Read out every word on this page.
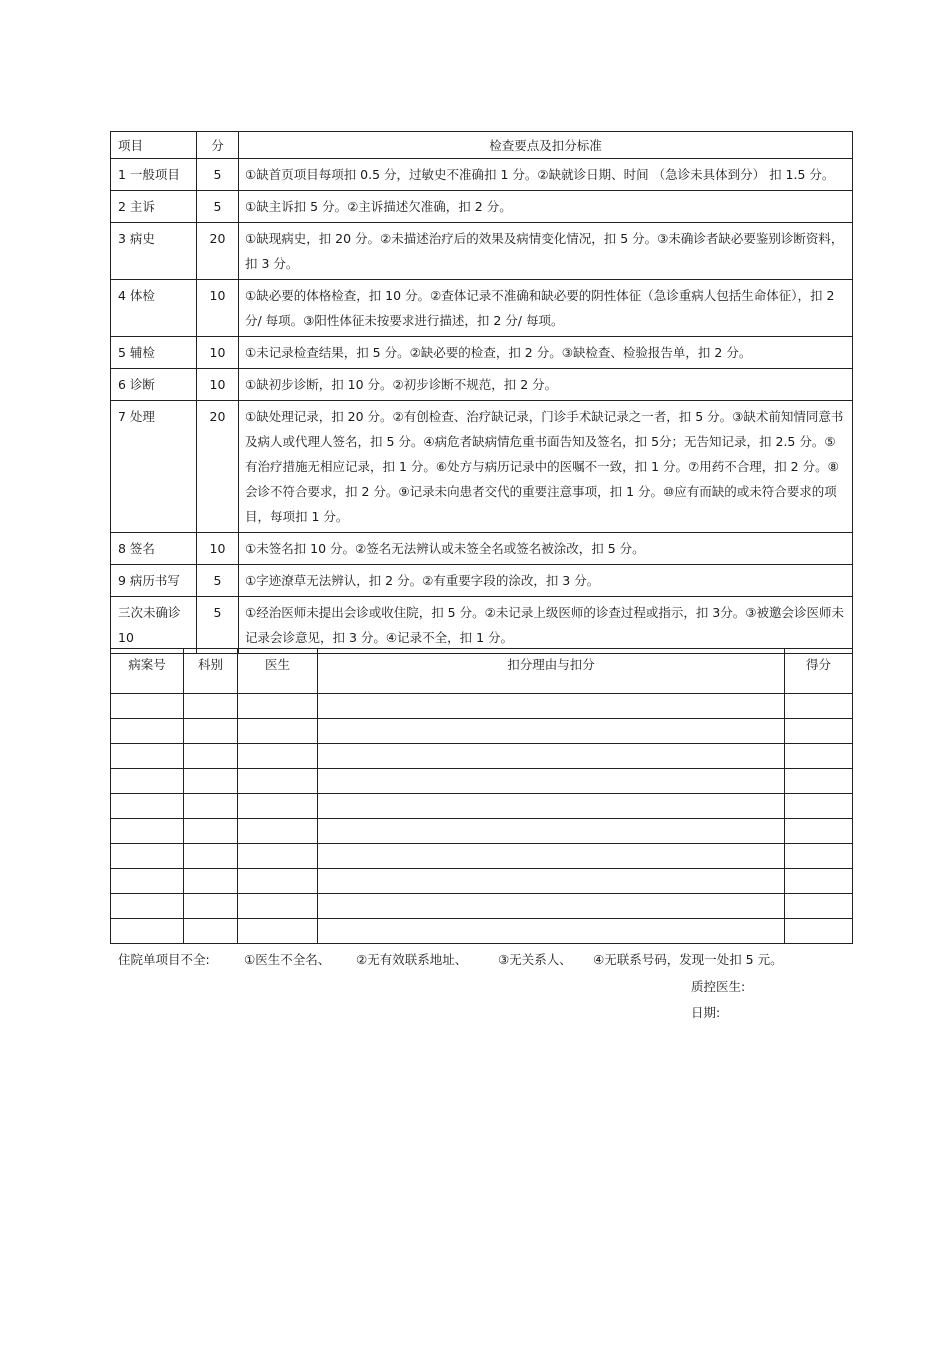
项目	分	检查要点及扣分标准
1 一般项目	5	①缺首页项目每项扣 0.5 分，过敏史不准确扣 1 分。②缺就诊日期、时间 （急诊未具体到分） 扣 1.5 分。
2 主诉	5	①缺主诉扣 5 分。②主诉描述欠准确，扣 2 分。
3 病史	20	①缺现病史，扣 20 分。②未描述治疗后的效果及病情变化情况，扣 5 分。③未确诊者缺必要鉴别诊断资料，扣 3 分。
4 体检	10	①缺必要的体格检查，扣 10 分。②查体记录不准确和缺必要的阴性体征（急诊重病人包括生命体征），扣 2 分/ 每项。③阳性体征未按要求进行描述，扣 2 分/ 每项。
5 辅检	10	①未记录检查结果，扣 5 分。②缺必要的检查，扣 2 分。③缺检查、检验报告单，扣 2 分。
6 诊断	10	①缺初步诊断，扣 10 分。②初步诊断不规范，扣 2 分。
7 处理	20	①缺处理记录，扣 20 分。②有创检查、治疗缺记录，门诊手术缺记录之一者，扣 5 分。③缺术前知情同意书及病人或代理人签名，扣 5 分。④病危者缺病情危重书面告知及签名，扣 5分；无告知记录，扣 2.5 分。⑤有治疗措施无相应记录，扣 1 分。⑥处方与病历记录中的医嘱不一致，扣 1 分。⑦用药不合理，扣 2 分。⑧会诊不符合要求，扣 2 分。⑨记录未向患者交代的重要注意事项，扣 1 分。⑩应有而缺的或未符合要求的项目，每项扣 1 分。
8 签名	10	①未签名扣 10 分。②签名无法辨认或未签全名或签名被涂改，扣 5 分。
9 病历书写	5	①字迹潦草无法辨认，扣 2 分。②有重要字段的涂改，扣 3 分。
三次未确诊 10	5	①经治医师未提出会诊或收住院，扣 5 分。②未记录上级医师的诊查过程或指示，扣 3分。③被邀会诊医师未记录会诊意见，扣 3 分。④记录不全，扣 1 分。
病案号	科别	医生	扣分理由与扣分	得分

住院单项目不全:	①医生不全名、 ②无有效联系地址、 ③无关系人、 ④无联系号码，发现一处扣 5 元。
质控医生:
日期:
